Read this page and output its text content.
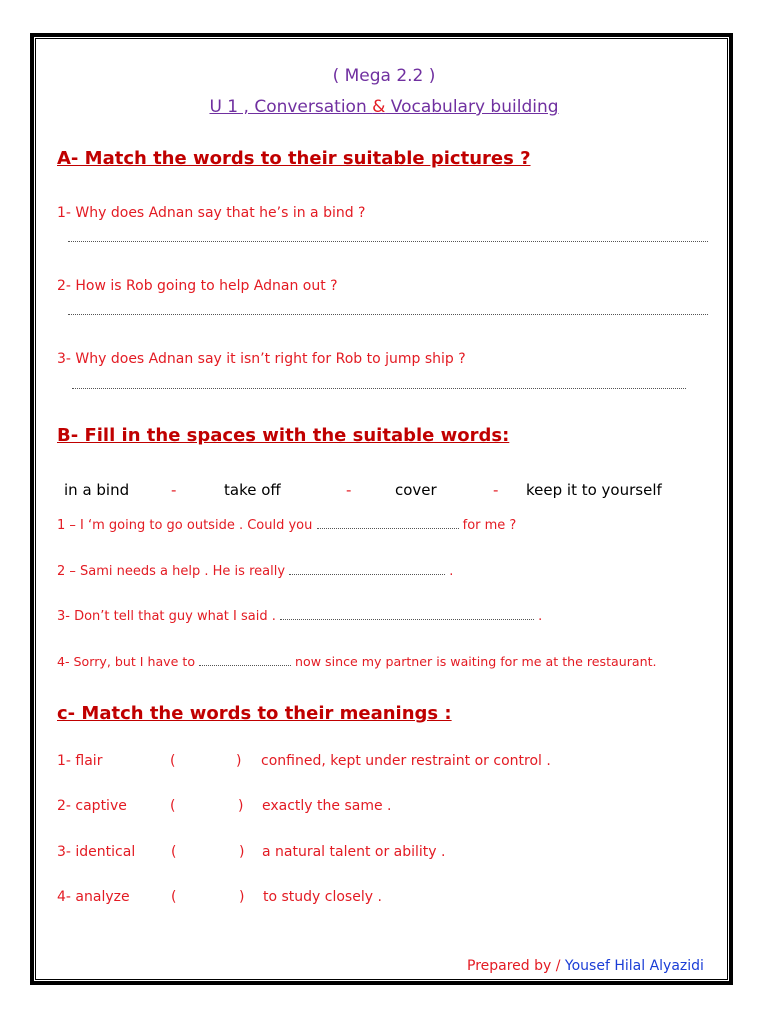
( Mega 2.2 )
U 1 , Conversation & Vocabulary building
A- Match the words to their suitable pictures ?
1- Why does Adnan say that he’s in a bind ?
2- How is Rob going to help Adnan out ?
3- Why does Adnan say it isn’t right for Rob to jump ship ?
B- Fill in the spaces with the suitable words:
in a bind	-	take off	-	cover	- keep it to yourself
1 – I ‘m going to go outside . Could you	for me ?
2 – Sami needs a help . He is really	.
3- Don’t tell that guy what I said .	.
4- Sorry, but I have to	now since my partner is waiting for me at the restaurant.
c- Match the words to their meanings :
1- flair	(	) confined, kept under restraint or control .
2- captive	(	) exactly the same .
3- identical	(	) a natural talent or ability .
4- analyze	(	) to study closely .
Prepared by / Yousef Hilal Alyazidi
